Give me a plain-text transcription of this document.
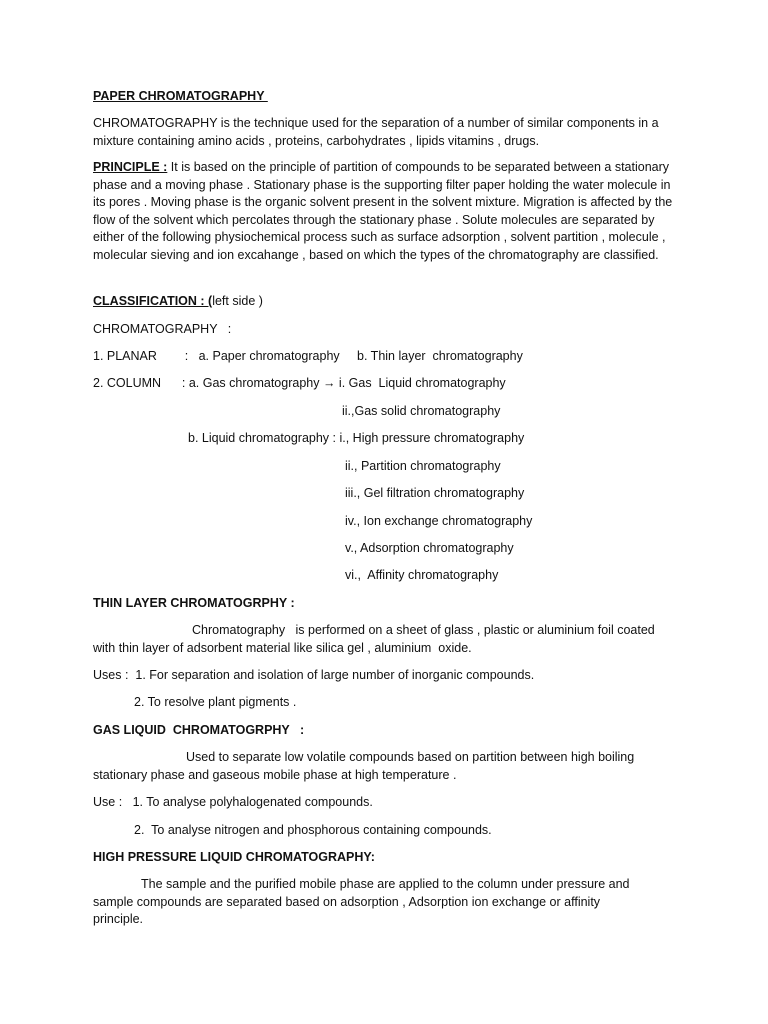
PAPER CHROMATOGRAPHY
CHROMATOGRAPHY is the technique used for the separation of a number of similar components in a mixture containing amino acids , proteins, carbohydrates , lipids vitamins , drugs.
PRINCIPLE : It is based on the principle of partition of compounds to be separated between a stationary phase and a moving phase . Stationary phase is the supporting filter paper holding the water molecule in its pores . Moving phase is the organic solvent present in the solvent mixture. Migration is affected by the flow of the solvent which percolates through the stationary phase . Solute molecules are separated by either of the following physiochemical process such as surface adsorption , solvent partition , molecule , molecular sieving and ion excahange , based on which the types of the chromatography are classified.
CLASSIFICATION : (left side )
CHROMATOGRAPHY   :
1. PLANAR        :   a. Paper chromatography     b. Thin layer  chromatography
2. COLUMN      : a. Gas chromatography → i. Gas  Liquid chromatography
ii.,Gas solid chromatography
b. Liquid chromatography : i., High pressure chromatography
ii., Partition chromatography
iii., Gel filtration chromatography
iv., Ion exchange chromatography
v., Adsorption chromatography
vi.,  Affinity chromatography
THIN LAYER CHROMATOGRPHY :
Chromatography   is performed on a sheet of glass , plastic or aluminium foil coated
with thin layer of adsorbent material like silica gel , aluminium  oxide.
Uses :  1. For separation and isolation of large number of inorganic compounds.
2. To resolve plant pigments .
GAS LIQUID  CHROMATOGRPHY   :
Used to separate low volatile compounds based on partition between high boiling
stationary phase and gaseous mobile phase at high temperature .
Use :   1. To analyse polyhalogenated compounds.
2.  To analyse nitrogen and phosphorous containing compounds.
HIGH PRESSURE LIQUID CHROMATOGRAPHY:
The sample and the purified mobile phase are applied to the column under pressure and
sample compounds are separated based on adsorption , Adsorption ion exchange or affinity
principle.
